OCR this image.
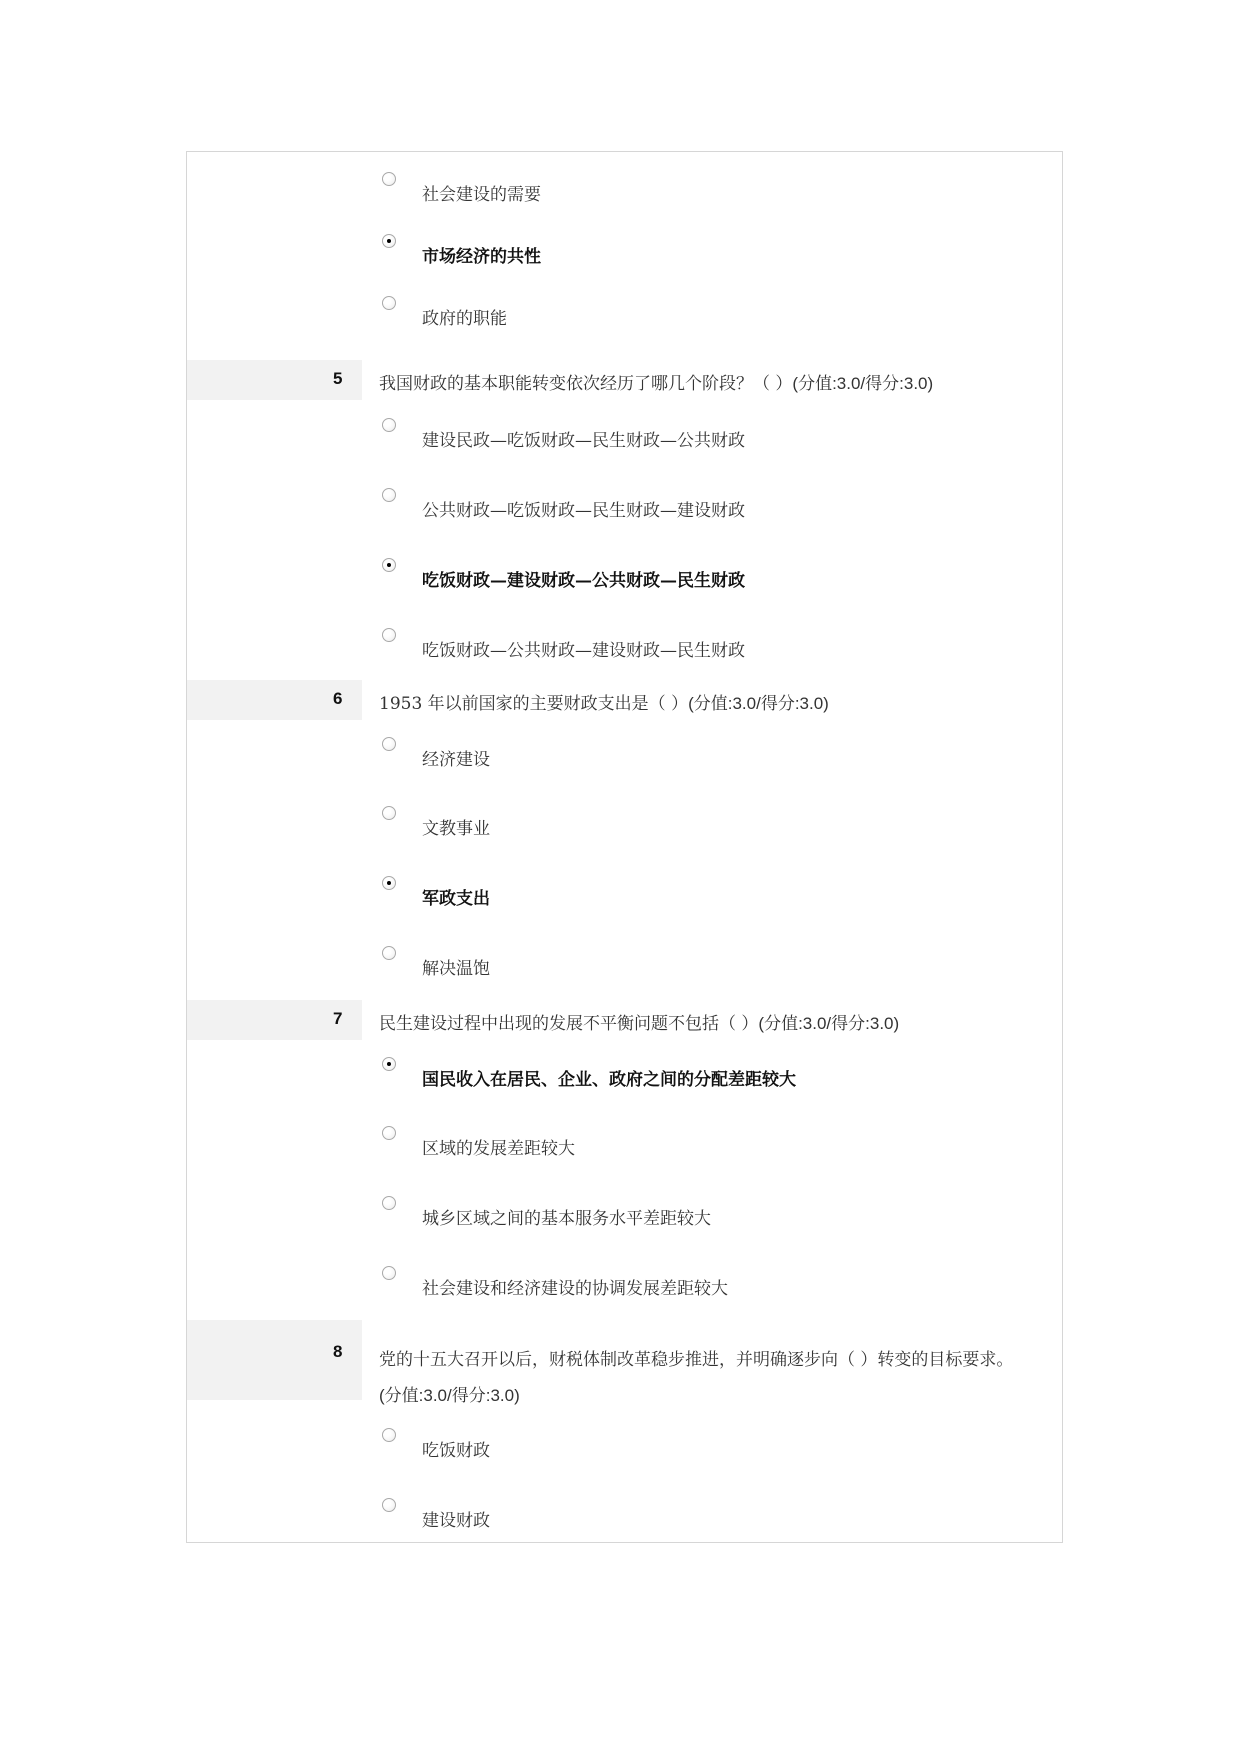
社会建设的需要
市场经济的共性
政府的职能
5	我国财政的基本职能转变依次经历了哪几个阶段？（ ）(分值:3.0/得分:3.0)
建设民政—吃饭财政—民生财政—公共财政
公共财政—吃饭财政—民生财政—建设财政
吃饭财政—建设财政—公共财政—民生财政
吃饭财政—公共财政—建设财政—民生财政
6	1953 年以前国家的主要财政支出是（ ）(分值:3.0/得分:3.0)
经济建设
文教事业
军政支出
解决温饱
7	民生建设过程中出现的发展不平衡问题不包括（ ）(分值:3.0/得分:3.0)
国民收入在居民、企业、政府之间的分配差距较大
区域的发展差距较大
城乡区域之间的基本服务水平差距较大
社会建设和经济建设的协调发展差距较大
8	党的十五大召开以后，财税体制改革稳步推进，并明确逐步向（ ）转变的目标要求。
(分值:3.0/得分:3.0)
吃饭财政
建设财政
